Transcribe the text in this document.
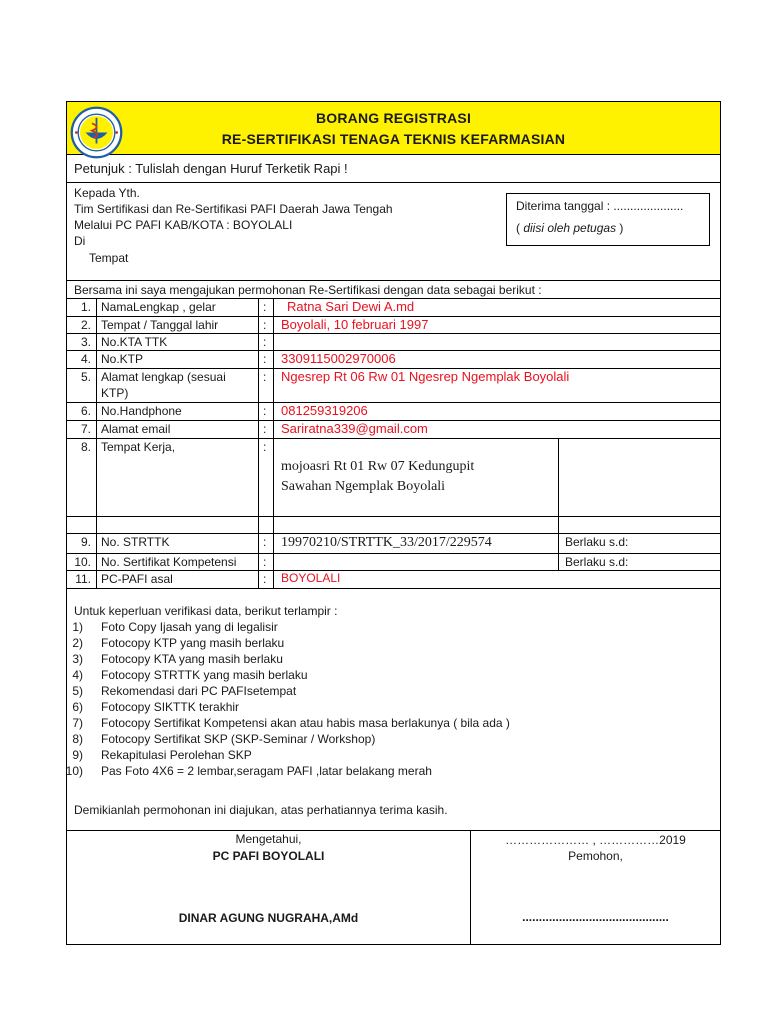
BORANG REGISTRASI
RE-SERTIFIKASI TENAGA TEKNIS KEFARMASIAN
Petunjuk : Tulislah dengan Huruf Terketik Rapi !
Kepada Yth.
Tim Sertifikasi dan Re-Sertifikasi PAFI Daerah Jawa Tengah
Melalui PC PAFI KAB/KOTA : BOYOLALI
Di
Tempat
Diterima tanggal : .....................
( diisi oleh petugas )
Bersama ini saya mengajukan permohonan Re-Sertifikasi dengan data sebagai berikut :
1. NamaLengkap , gelar	: Ratna Sari Dewi A.md
2. Tempat / Tanggal lahir	: Boyolali, 10 februari 1997
3. No.KTA TTK	:
4. No.KTP	: 3309115002970006
5. Alamat lengkap (sesuai
KTP)
: Ngesrep Rt 06 Rw 01 Ngesrep Ngemplak Boyolali
6. No.Handphone	: 081259319206
7. Alamat email	: Sariratna339@gmail.com
8. Tempat Kerja,	:
mojoasri Rt 01 Rw 07 Kedungupit
Sawahan Ngemplak Boyolali
9. No. STRTTK	: 19970210/STRTTK_33/2017/229574	Berlaku s.d:
10. No. Sertifikat Kompetensi :	Berlaku s.d:
11. PC-PAFI asal	: BOYOLALI
Untuk keperluan verifikasi data, berikut terlampir :
1) Foto Copy Ijasah yang di legalisir
2) Fotocopy KTP yang masih berlaku
3) Fotocopy KTA yang masih berlaku
4) Fotocopy STRTTK yang masih berlaku
5) Rekomendasi dari PC PAFIsetempat
6) Fotocopy SIKTTK terakhir
7) Fotocopy Sertifikat Kompetensi akan atau habis masa berlakunya ( bila ada )
8) Fotocopy Sertifikat SKP (SKP-Seminar / Workshop)
9) Rekapitulasi Perolehan SKP
10) Pas Foto 4X6 = 2 lembar,seragam PAFI ,latar belakang merah
Demikianlah permohonan ini diajukan, atas perhatiannya terima kasih.
Mengetahui,
PC PAFI BOYOLALI
DINAR AGUNG NUGRAHA,AMd
………………… , ……………2019
Pemohon,
............................................
